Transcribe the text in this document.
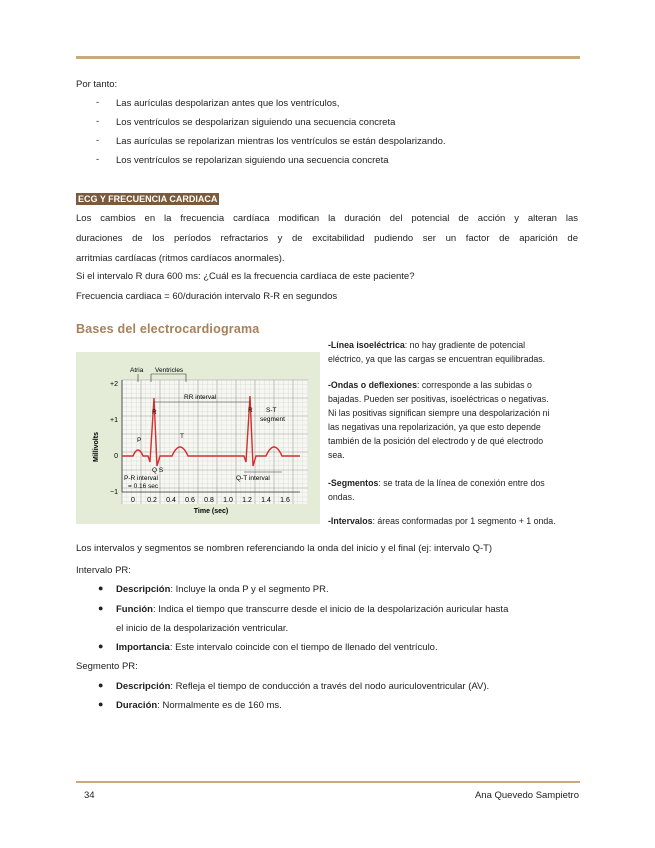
Por tanto:
- Las aurículas despolarizan antes que los ventrículos,
- Los ventrículos se despolarizan siguiendo una secuencia concreta
- Las aurículas se repolarizan mientras los ventrículos se están despolarizando.
- Los ventrículos se repolarizan siguiendo una secuencia concreta
ECG Y FRECUENCIA CARDIACA
Los cambios en la frecuencia cardíaca modifican la duración del potencial de acción y alteran las
duraciones de los períodos refractarios y de excitabilidad pudiendo ser un factor de aparición de
arritmias cardíacas (ritmos cardíacos anormales).
Si el intervalo R dura 600 ms: ¿Cuál es la frecuencia cardíaca de este paciente?
Frecuencia cardiaca = 60/duración intervalo R-R en segundos
Bases del electrocardiograma
+2
+1
0
−1
Millivolts
0 0.2 0.4 0.6 0.8 1.0 1.2 1.4 1.6
Time (sec)
Atria Ventricles
RR interval
S-T
segment
R	R
P
T
Q S
Q-T interval
P-R interval
= 0.16 sec
-Línea isoeléctrica: no hay gradiente de potencial
eléctrico, ya que las cargas se encuentran equilibradas.
-Ondas o deflexiones: corresponde a las subidas o
bajadas. Pueden ser positivas, isoeléctricas o negativas.
Ni las positivas significan siempre una despolarización ni
las negativas una repolarización, ya que esto depende
también de la posición del electrodo y de qué electrodo
sea.
-Segmentos: se trata de la línea de conexión entre dos
ondas.
-Intervalos: áreas conformadas por 1 segmento + 1 onda.
Los intervalos y segmentos se nombren referenciando la onda del inicio y el final (ej: intervalo Q-T)
Intervalo PR:
● Descripción: Incluye la onda P y el segmento PR.
● Función: Indica el tiempo que transcurre desde el inicio de la despolarización auricular hasta
el inicio de la despolarización ventricular.
● Importancia: Este intervalo coincide con el tiempo de llenado del ventrículo.
Segmento PR:
● Descripción: Refleja el tiempo de conducción a través del nodo auriculoventricular (AV).
● Duración: Normalmente es de 160 ms.
34	Ana Quevedo Sampietro
